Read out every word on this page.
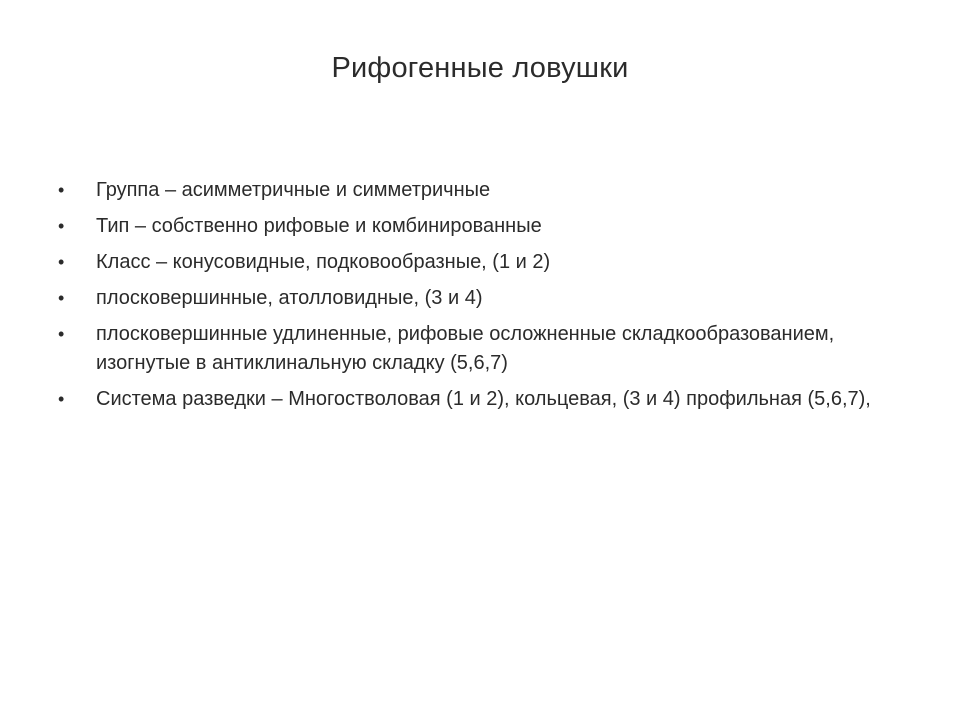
Рифогенные ловушки
•	Группа – асимметричные и симметричные
•	Тип – собственно рифовые и комбинированные
•	Класс – конусовидные, подковообразные, (1 и 2)
•	плосковершинные, атолловидные, (3 и 4)
•	плосковершинные удлиненные, рифовые осложненные складкообразованием, изогнутые в антиклинальную складку (5,6,7)
•	Система разведки – Многостволовая (1 и 2), кольцевая, (3 и 4) профильная (5,6,7),
